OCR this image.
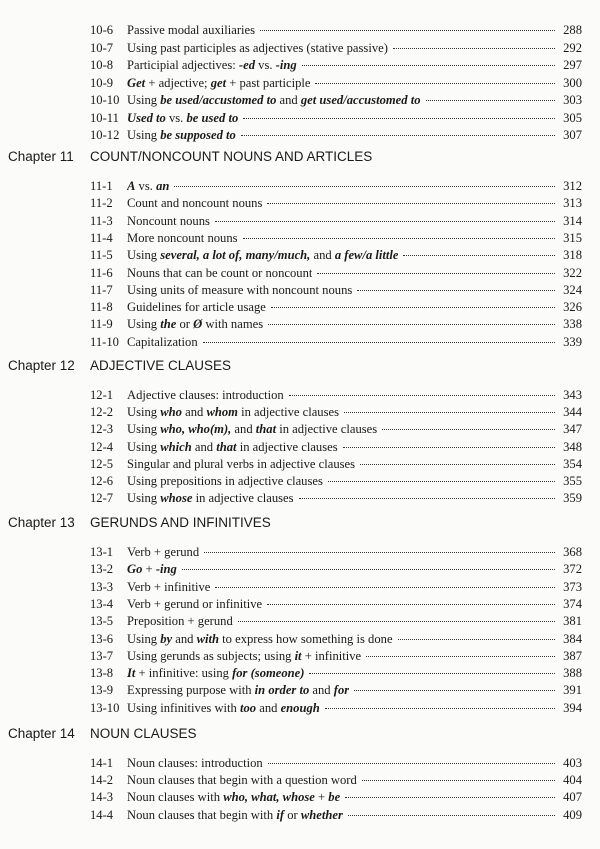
10-6	Passive modal auxiliaries	288
10-7	Using past participles as adjectives (stative passive)	292
10-8	Participial adjectives: -ed vs. -ing	297
10-9	Get + adjective; get + past participle	300
10-10 Using be used/accustomed to and get used/accustomed to	303
10-11 Used to vs. be used to	305
10-12 Using be supposed to	307
Chapter 11 COUNT/NONCOUNT NOUNS AND ARTICLES
11-1	A vs. an	312
11-2	Count and noncount nouns	313
11-3	Noncount nouns	314
11-4	More noncount nouns	315
11-5	Using several, a lot of, many/much, and a few/a little	318
11-6	Nouns that can be count or noncount	322
11-7	Using units of measure with noncount nouns	324
11-8	Guidelines for article usage	326
11-9	Using the or Ø with names	338
11-10 Capitalization	339
Chapter 12 ADJECTIVE CLAUSES
12-1	Adjective clauses: introduction	343
12-2	Using who and whom in adjective clauses	344
12-3	Using who, who(m), and that in adjective clauses	347
12-4	Using which and that in adjective clauses	348
12-5	Singular and plural verbs in adjective clauses	354
12-6	Using prepositions in adjective clauses	355
12-7	Using whose in adjective clauses	359
Chapter 13 GERUNDS AND INFINITIVES
13-1	Verb + gerund	368
13-2	Go + -ing	372
13-3	Verb + infinitive	373
13-4	Verb + gerund or infinitive	374
13-5	Preposition + gerund	381
13-6	Using by and with to express how something is done	384
13-7	Using gerunds as subjects; using it + infinitive	387
13-8	It + infinitive: using for (someone)	388
13-9	Expressing purpose with in order to and for	391
13-10 Using infinitives with too and enough	394
Chapter 14 NOUN CLAUSES
14-1	Noun clauses: introduction	403
14-2	Noun clauses that begin with a question word	404
14-3	Noun clauses with who, what, whose + be	407
14-4	Noun clauses that begin with if or whether	409
